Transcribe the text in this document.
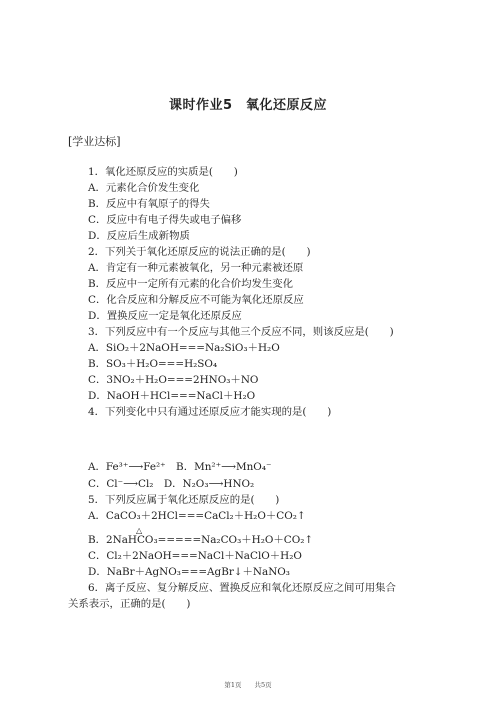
课时作业5　氧化还原反应
[学业达标]
1．氧化还原反应的实质是(　　)
A．元素化合价发生变化
B．反应中有氧原子的得失
C．反应中有电子得失或电子偏移
D．反应后生成新物质
2．下列关于氧化还原反应的说法正确的是(　　)
A．肯定有一种元素被氧化，另一种元素被还原
B．反应中一定所有元素的化合价均发生变化
C．化合反应和分解反应不可能为氧化还原反应
D．置换反应一定是氧化还原反应
3．下列反应中有一个反应与其他三个反应不同，则该反应是(　　)
A．SiO₂＋2NaOH===Na₂SiO₃＋H₂O
B．SO₃＋H₂O===H₂SO₄
C．3NO₂＋H₂O===2HNO₃＋NO
D．NaOH＋HCl===NaCl＋H₂O
4．下列变化中只有通过还原反应才能实现的是(　　)
A．Fe³⁺⟶Fe²⁺　B．Mn²⁺⟶MnO₄⁻
C．Cl⁻⟶Cl₂　D．N₂O₃⟶HNO₂
5．下列反应属于氧化还原反应的是(　　)
A．CaCO₃＋2HCl===CaCl₂＋H₂O＋CO₂↑
△
B．2NaHCO₃=====Na₂CO₃＋H₂O＋CO₂↑
C．Cl₂＋2NaOH===NaCl＋NaClO＋H₂O
D．NaBr＋AgNO₃===AgBr↓＋NaNO₃
6．离子反应、复分解反应、置换反应和氧化还原反应之间可用集合
关系表示，正确的是(　　)
第1页　　共5页
